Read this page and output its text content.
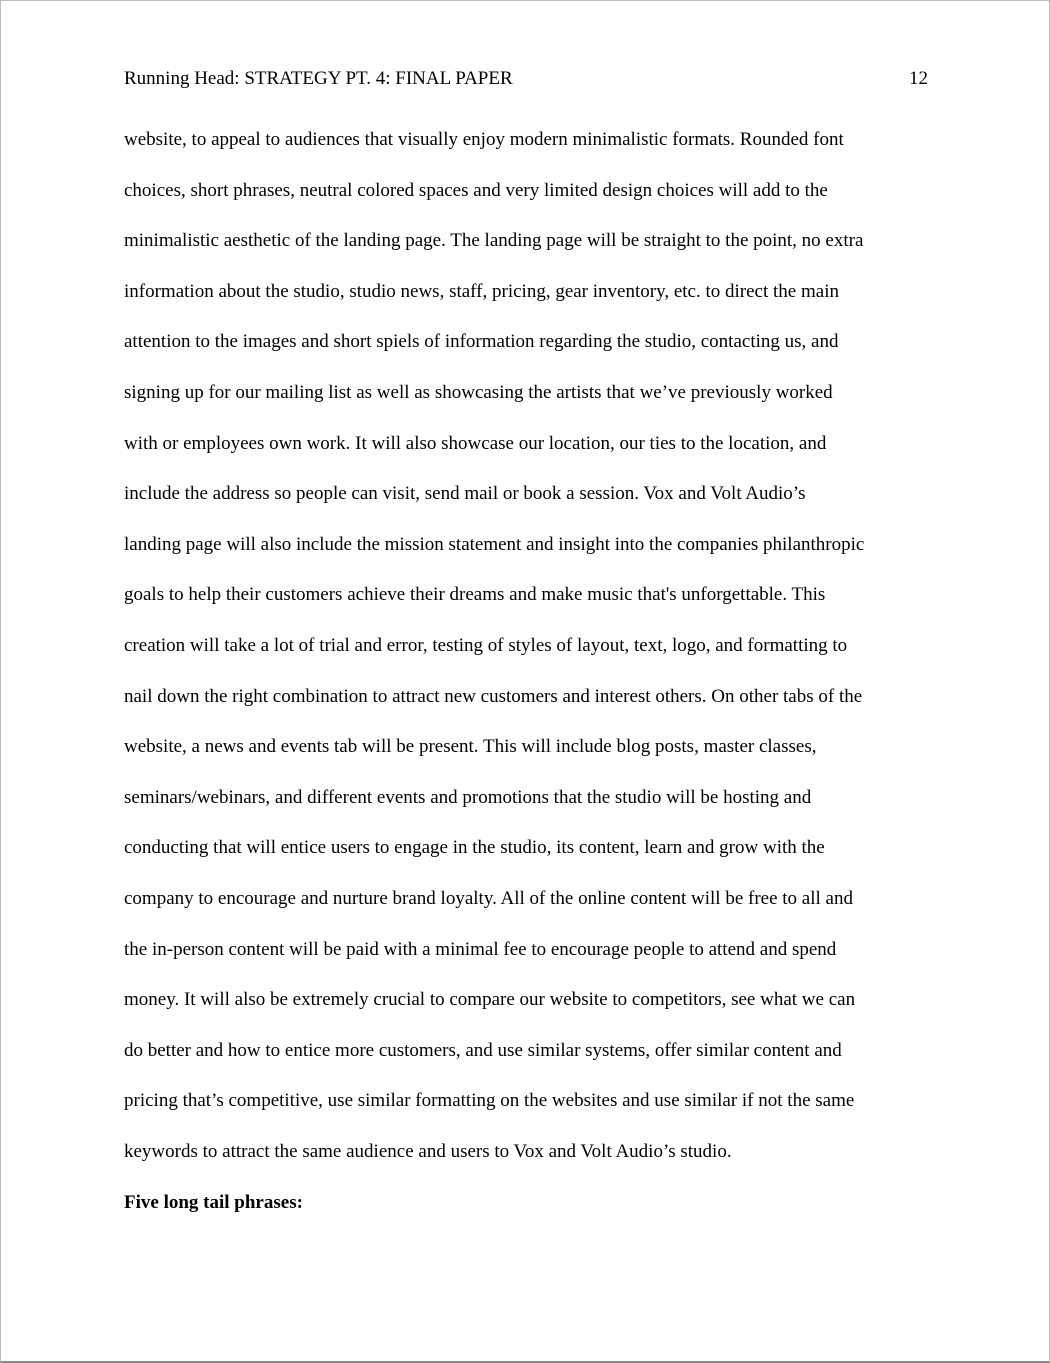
Running Head: STRATEGY PT. 4: FINAL PAPER	12
website, to appeal to audiences that visually enjoy modern minimalistic formats. Rounded font
choices, short phrases, neutral colored spaces and very limited design choices will add to the
minimalistic aesthetic of the landing page. The landing page will be straight to the point, no extra
information about the studio, studio news, staff, pricing, gear inventory, etc. to direct the main
attention to the images and short spiels of information regarding the studio, contacting us, and
signing up for our mailing list as well as showcasing the artists that we’ve previously worked
with or employees own work. It will also showcase our location, our ties to the location, and
include the address so people can visit, send mail or book a session. Vox and Volt Audio’s
landing page will also include the mission statement and insight into the companies philanthropic
goals to help their customers achieve their dreams and make music that's unforgettable. This
creation will take a lot of trial and error, testing of styles of layout, text, logo, and formatting to
nail down the right combination to attract new customers and interest others. On other tabs of the
website, a news and events tab will be present. This will include blog posts, master classes,
seminars/webinars, and different events and promotions that the studio will be hosting and
conducting that will entice users to engage in the studio, its content, learn and grow with the
company to encourage and nurture brand loyalty. All of the online content will be free to all and
the in-person content will be paid with a minimal fee to encourage people to attend and spend
money. It will also be extremely crucial to compare our website to competitors, see what we can
do better and how to entice more customers, and use similar systems, offer similar content and
pricing that’s competitive, use similar formatting on the websites and use similar if not the same
keywords to attract the same audience and users to Vox and Volt Audio’s studio.
Five long tail phrases:
